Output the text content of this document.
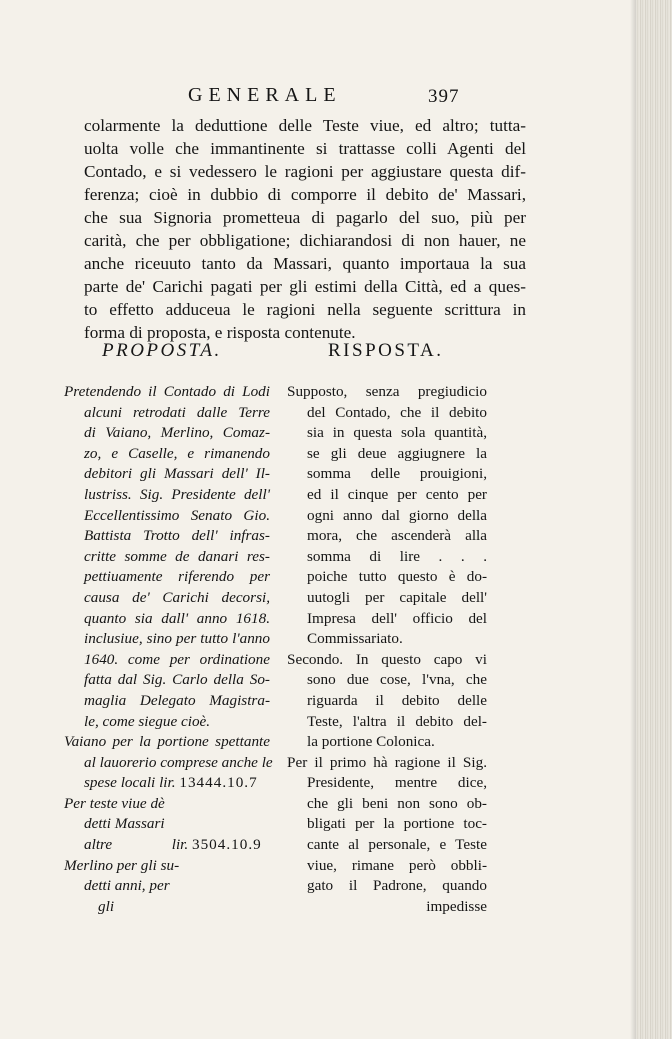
GENERALE	397
colarmente la deduttione delle Teste viue, ed altro; tutta-
uolta volle che immantinente si trattasse colli Agenti del
Contado, e si vedessero le ragioni per aggiustare questa dif-
ferenza; cioè in dubbio di comporre il debito de' Massari,
che sua Signoria prometteua di pagarlo del suo, più per
carità, che per obbligatione; dichiarandosi di non hauer, ne
anche riceuuto tanto da Massari, quanto importaua la sua
parte de' Carichi pagati per gli estimi della Città, ed a ques-
to effetto adduceua le ragioni nella seguente scrittura in
forma di proposta, e risposta contenute.
PROPOSTA.	RISPOSTA.
Pretendendo il Contado di Lodi
alcuni retrodati dalle Terre
di Vaiano, Merlino, Comaz-
zo, e Caselle, e rimanendo
debitori gli Massari dell' Il-
lustriss. Sig. Presidente dell'
Eccellentissimo Senato Gio.
Battista Trotto dell' infras-
critte somme de danari res-
pettiuamente riferendo per
causa de' Carichi decorsi,
quanto sia dall' anno 1618.
inclusiue, sino per tutto l'anno
1640. come per ordinatione
fatta dal Sig. Carlo della So-
maglia Delegato Magistra-
le, come siegue cioè.
Vaiano per la portione spettante
al lauorerio comprese anche le
spese locali lir. 13444.10.7
Per teste viue dè
detti Massari
altre	lir. 3504.10.9
Merlino per gli su-
detti anni, per
gli
Supposto, senza pregiudicio
del Contado, che il debito
sia in questa sola quantità,
se gli deue aggiugnere la
somma delle prouigioni,
ed il cinque per cento per
ogni anno dal giorno della
mora, che ascenderà alla
somma di lire . . .
poiche tutto questo è do-
uutogli per capitale dell'
Impresa dell' officio del
Commissariato.
Secondo. In questo capo vi
sono due cose, l'vna, che
riguarda il debito delle
Teste, l'altra il debito del-
la portione Colonica.
Per il primo hà ragione il Sig.
Presidente, mentre dice,
che gli beni non sono ob-
bligati per la portione toc-
cante al personale, e Teste
viue, rimane però obbli-
gato il Padrone, quando
impedisse
